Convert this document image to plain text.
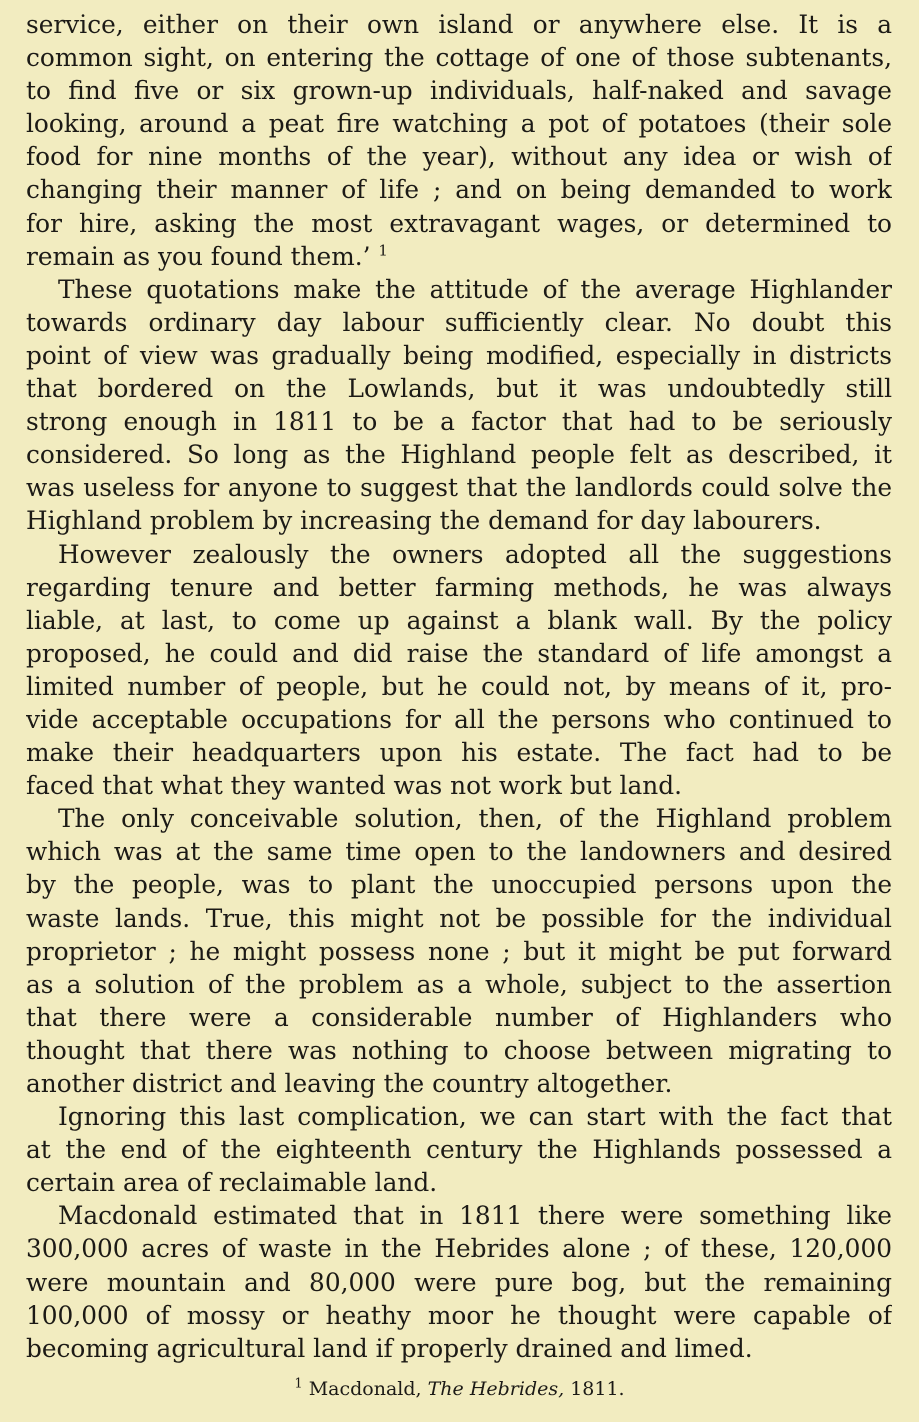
service, either on their own island or anywhere else. It is a
common sight, on entering the cottage of one of those subtenants,
to find five or six grown-up individuals, half-naked and savage
looking, around a peat fire watching a pot of potatoes (their sole
food for nine months of the year), without any idea or wish of
changing their manner of life ; and on being demanded to work
for hire, asking the most extravagant wages, or determined to
remain as you found them.’ $^1$
These quotations make the attitude of the average Highlander
towards ordinary day labour sufficiently clear. No doubt this
point of view was gradually being modified, especially in districts
that bordered on the Lowlands, but it was undoubtedly still
strong enough in 1811 to be a factor that had to be seriously
considered. So long as the Highland people felt as described, it
was useless for anyone to suggest that the landlords could solve the
Highland problem by increasing the demand for day labourers.
However zealously the owners adopted all the suggestions
regarding tenure and better farming methods, he was always
liable, at last, to come up against a blank wall. By the policy
proposed, he could and did raise the standard of life amongst a
limited number of people, but he could not, by means of it, pro-
vide acceptable occupations for all the persons who continued to
make their headquarters upon his estate. The fact had to be
faced that what they wanted was not work but land.
The only conceivable solution, then, of the Highland problem
which was at the same time open to the landowners and desired
by the people, was to plant the unoccupied persons upon the
waste lands. True, this might not be possible for the individual
proprietor ; he might possess none ; but it might be put forward
as a solution of the problem as a whole, subject to the assertion
that there were a considerable number of Highlanders who
thought that there was nothing to choose between migrating to
another district and leaving the country altogether.
Ignoring this last complication, we can start with the fact that
at the end of the eighteenth century the Highlands possessed a
certain area of reclaimable land.
Macdonald estimated that in 1811 there were something like
300,000 acres of waste in the Hebrides alone ; of these, 120,000
were mountain and 80,000 were pure bog, but the remaining
100,000 of mossy or heathy moor he thought were capable of
becoming agricultural land if properly drained and limed.
$^1$ Macdonald, The Hebrides, 1811.
